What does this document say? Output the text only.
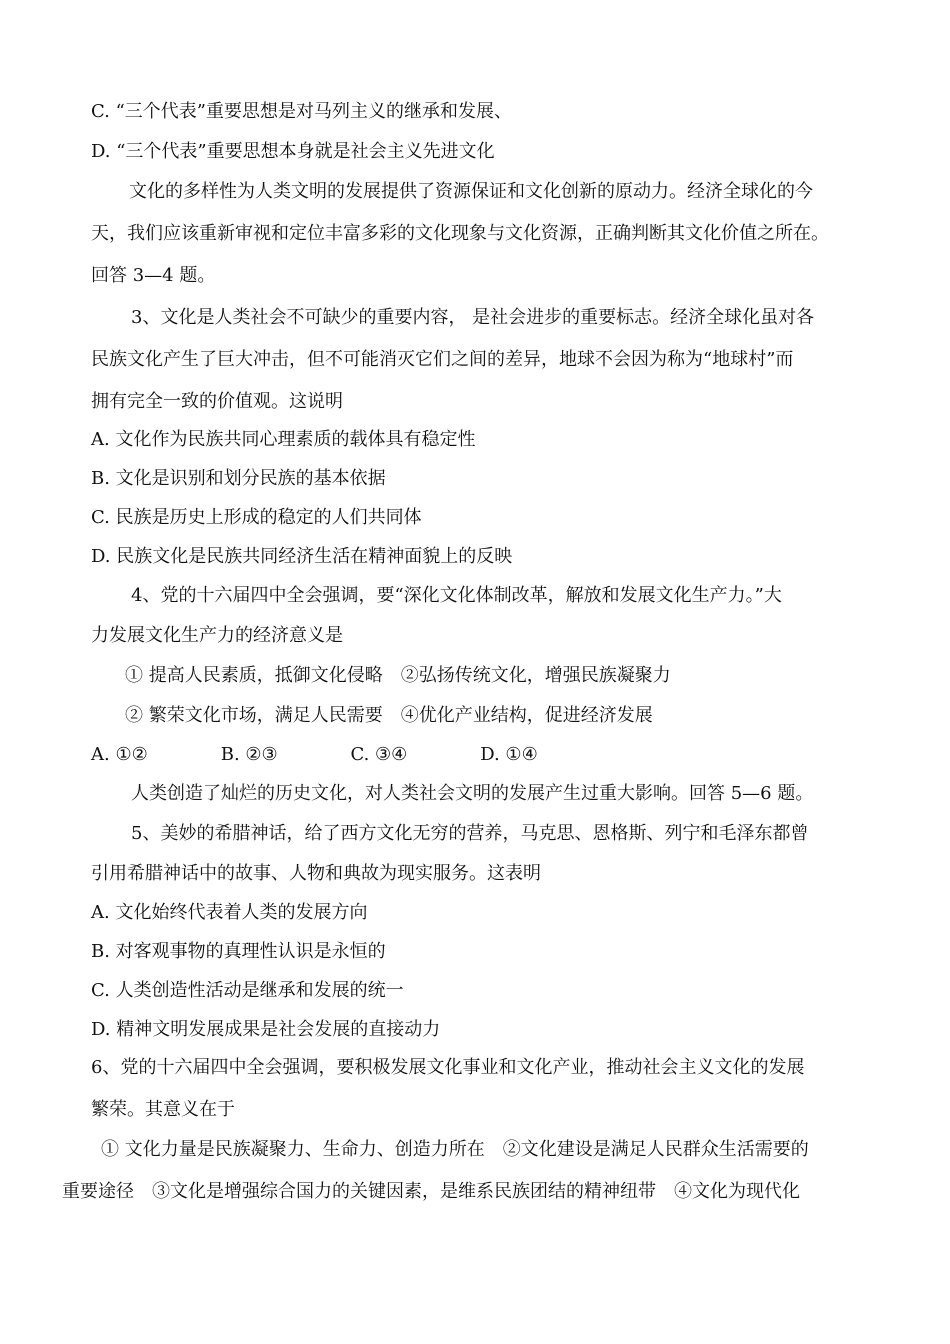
C. “三个代表”重要思想是对马列主义的继承和发展、
D. “三个代表”重要思想本身就是社会主义先进文化
文化的多样性为人类文明的发展提供了资源保证和文化创新的原动力。经济全球化的今
天，我们应该重新审视和定位丰富多彩的文化现象与文化资源，正确判断其文化价值之所在。
回答 3—4 题。
3、文化是人类社会不可缺少的重要内容， 是社会进步的重要标志。经济全球化虽对各
民族文化产生了巨大冲击，但不可能消灭它们之间的差异，地球不会因为称为“地球村”而
拥有完全一致的价值观。这说明
A. 文化作为民族共同心理素质的载体具有稳定性
B. 文化是识别和划分民族的基本依据
C. 民族是历史上形成的稳定的人们共同体
D. 民族文化是民族共同经济生活在精神面貌上的反映
4、党的十六届四中全会强调，要“深化文化体制改革，解放和发展文化生产力。”大
力发展文化生产力的经济意义是
① 提高人民素质，抵御文化侵略　②弘扬传统文化，增强民族凝聚力
② 繁荣文化市场，满足人民需要　④优化产业结构，促进经济发展
A. ①②	B. ②③	C. ③④	D. ①④
人类创造了灿烂的历史文化，对人类社会文明的发展产生过重大影响。回答 5—6 题。
5、美妙的希腊神话，给了西方文化无穷的营养，马克思、恩格斯、列宁和毛泽东都曾
引用希腊神话中的故事、人物和典故为现实服务。这表明
A. 文化始终代表着人类的发展方向
B. 对客观事物的真理性认识是永恒的
C. 人类创造性活动是继承和发展的统一
D. 精神文明发展成果是社会发展的直接动力
6、党的十六届四中全会强调，要积极发展文化事业和文化产业，推动社会主义文化的发展
繁荣。其意义在于
① 文化力量是民族凝聚力、生命力、创造力所在　②文化建设是满足人民群众生活需要的
重要途径　③文化是增强综合国力的关键因素，是维系民族团结的精神纽带　④文化为现代化
